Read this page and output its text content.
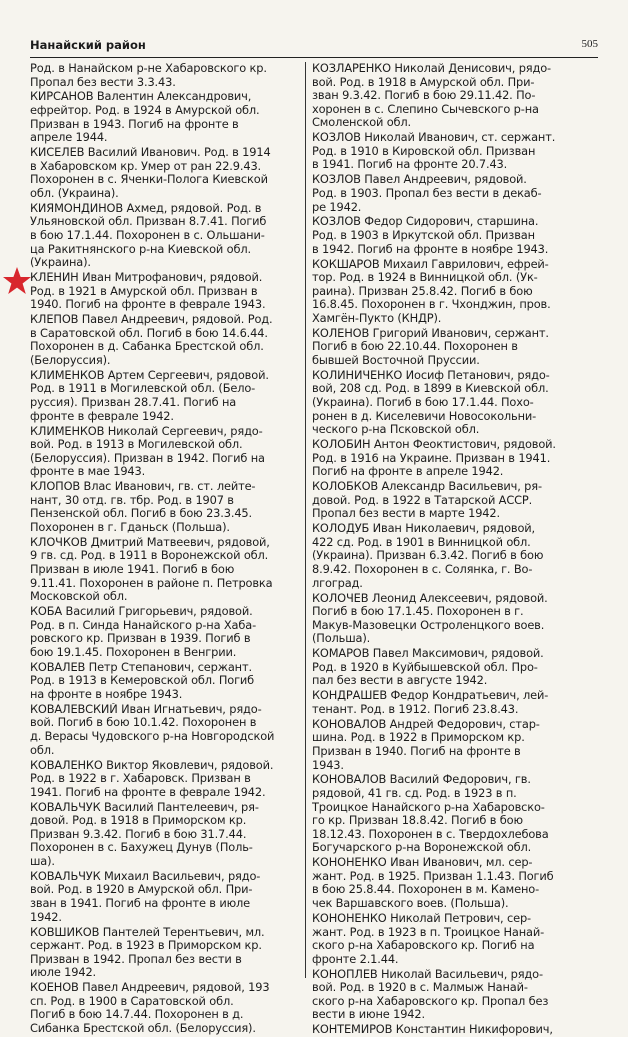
Нанайский район	505
Род. в Нанайском р-не Хабаровского кр.
Пропал без вести 3.3.43.
КИРСАНОВ Валентин Александрович,
ефрейтор. Род. в 1924 в Амурской обл.
Призван в 1943. Погиб на фронте в
апреле 1944.
КИСЕЛЕВ Василий Иванович. Род. в 1914
в Хабаровском кр. Умер от ран 22.9.43.
Похоронен в с. Яченки-Полога Киевской
обл. (Украина).
КИЯМОНДИНОВ Ахмед, рядовой. Род. в
Ульяновской обл. Призван 8.7.41. Погиб
в бою 17.1.44. Похоронен в с. Ольшани-
ца Ракитнянского р-на Киевской обл.
(Украина).
КЛЕНИН Иван Митрофанович, рядовой.
Род. в 1921 в Амурской обл. Призван в
1940. Погиб на фронте в феврале 1943.
КЛЕПОВ Павел Андреевич, рядовой. Род.
в Саратовской обл. Погиб в бою 14.6.44.
Похоронен в д. Сабанка Брестской обл.
(Белоруссия).
КЛИМЕНКОВ Артем Сергеевич, рядовой.
Род. в 1911 в Могилевской обл. (Бело-
руссия). Призван 28.7.41. Погиб на
фронте в феврале 1942.
КЛИМЕНКОВ Николай Сергеевич, рядо-
вой. Род. в 1913 в Могилевской обл.
(Белоруссия). Призван в 1942. Погиб на
фронте в мае 1943.
КЛОПОВ Влас Иванович, гв. ст. лейте-
нант, 30 отд. гв. тбр. Род. в 1907 в
Пензенской обл. Погиб в бою 23.3.45.
Похоронен в г. Гданьск (Польша).
КЛОЧКОВ Дмитрий Матвеевич, рядовой,
9 гв. сд. Род. в 1911 в Воронежской обл.
Призван в июле 1941. Погиб в бою
9.11.41. Похоронен в районе п. Петровка
Московской обл.
КОБА Василий Григорьевич, рядовой.
Род. в п. Синда Нанайского р-на Хаба-
ровского кр. Призван в 1939. Погиб в
бою 19.1.45. Похоронен в Венгрии.
КОВАЛЕВ Петр Степанович, сержант.
Род. в 1913 в Кемеровской обл. Погиб
на фронте в ноябре 1943.
КОВАЛЕВСКИЙ Иван Игнатьевич, рядо-
вой. Погиб в бою 10.1.42. Похоронен в
д. Верасы Чудовского р-на Новгородской
обл.
КОВАЛЕНКО Виктор Яковлевич, рядовой.
Род. в 1922 в г. Хабаровск. Призван в
1941. Погиб на фронте в феврале 1942.
КОВАЛЬЧУК Василий Пантелеевич, ря-
довой. Род. в 1918 в Приморском кр.
Призван 9.3.42. Погиб в бою 31.7.44.
Похоронен в с. Бахужец Дунув (Поль-
ша).
КОВАЛЬЧУК Михаил Васильевич, рядо-
вой. Род. в 1920 в Амурской обл. При-
зван в 1941. Погиб на фронте в июле
1942.
КОВШИКОВ Пантелей Терентьевич, мл.
сержант. Род. в 1923 в Приморском кр.
Призван в 1942. Пропал без вести в
июле 1942.
КОЕНОВ Павел Андреевич, рядовой, 193
сп. Род. в 1900 в Саратовской обл.
Погиб в бою 14.7.44. Похоронен в д.
Сибанка Брестской обл. (Белоруссия).
КОЗЛАРЕНКО Николай Денисович, рядо-
вой. Род. в 1918 в Амурской обл. При-
зван 9.3.42. Погиб в бою 29.11.42. По-
хоронен в с. Слепино Сычевского р-на
Смоленской обл.
КОЗЛОВ Николай Иванович, ст. сержант.
Род. в 1910 в Кировской обл. Призван
в 1941. Погиб на фронте 20.7.43.
КОЗЛОВ Павел Андреевич, рядовой.
Род. в 1903. Пропал без вести в декаб-
ре 1942.
КОЗЛОВ Федор Сидорович, старшина.
Род. в 1903 в Иркутской обл. Призван
в 1942. Погиб на фронте в ноябре 1943.
КОКШАРОВ Михаил Гаврилович, ефрей-
тор. Род. в 1924 в Винницкой обл. (Ук-
раина). Призван 25.8.42. Погиб в бою
16.8.45. Похоронен в г. Чхонджин, пров.
Хамгён-Пукто (КНДР).
КОЛЕНОВ Григорий Иванович, сержант.
Погиб в бою 22.10.44. Похоронен в
бывшей Восточной Пруссии.
КОЛИНИЧЕНКО Иосиф Петанович, рядо-
вой, 208 сд. Род. в 1899 в Киевской обл.
(Украина). Погиб в бою 17.1.44. Похо-
ронен в д. Киселевичи Новосокольни-
ческого р-на Псковской обл.
КОЛОБИН Антон Феоктистович, рядовой.
Род. в 1916 на Украине. Призван в 1941.
Погиб на фронте в апреле 1942.
КОЛОБКОВ Александр Васильевич, ря-
довой. Род. в 1922 в Татарской АССР.
Пропал без вести в марте 1942.
КОЛОДУБ Иван Николаевич, рядовой,
422 сд. Род. в 1901 в Винницкой обл.
(Украина). Призван 6.3.42. Погиб в бою
8.9.42. Похоронен в с. Солянка, г. Во-
лгоград.
КОЛОЧЕВ Леонид Алексеевич, рядовой.
Погиб в бою 17.1.45. Похоронен в г.
Макув-Мазовецки Остроленцкого воев.
(Польша).
КОМАРОВ Павел Максимович, рядовой.
Род. в 1920 в Куйбышевской обл. Про-
пал без вести в августе 1942.
КОНДРАШЕВ Федор Кондратьевич, лей-
тенант. Род. в 1912. Погиб 23.8.43.
КОНОВАЛОВ Андрей Федорович, стар-
шина. Род. в 1922 в Приморском кр.
Призван в 1940. Погиб на фронте в
1943.
КОНОВАЛОВ Василий Федорович, гв.
рядовой, 41 гв. сд. Род. в 1923 в п.
Троицкое Нанайского р-на Хабаровско-
го кр. Призван 18.8.42. Погиб в бою
18.12.43. Похоронен в с. Твердохлебова
Богучарского р-на Воронежской обл.
КОНОНЕНКО Иван Иванович, мл. сер-
жант. Род. в 1925. Призван 1.1.43. Погиб
в бою 25.8.44. Похоронен в м. Камено-
чек Варшавского воев. (Польша).
КОНОНЕНКО Николай Петрович, сер-
жант. Род. в 1923 в п. Троицкое Нанай-
ского р-на Хабаровского кр. Погиб на
фронте 2.1.44.
КОНОПЛЕВ Николай Васильевич, рядо-
вой. Род. в 1920 в с. Малмыж Нанай-
ского р-на Хабаровского кр. Пропал без
вести в июне 1942.
КОНТЕМИРОВ Константин Никифорович,
